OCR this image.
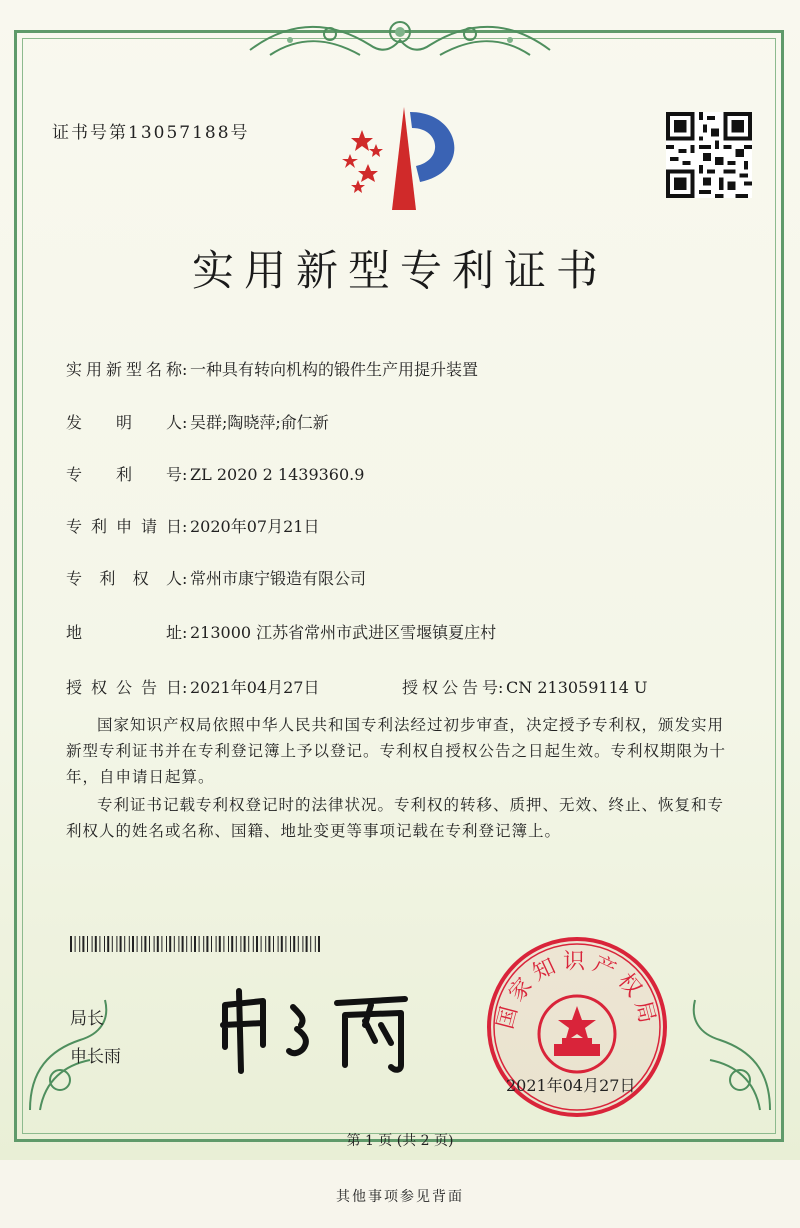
证书号第13057188号
实用新型专利证书
实用新型名称: 一种具有转向机构的锻件生产用提升装置
发 明 人: 吴群;陶晓萍;俞仁新
专 利 号: ZL 2020 2 1439360.9
专利申请日: 2020年07月21日
专 利 权 人: 常州市康宁锻造有限公司
地 址: 213000 江苏省常州市武进区雪堰镇夏庄村
授权公告日: 2021年04月27日	授权公告号: CN 213059114 U

国家知识产权局依照中华人民共和国专利法经过初步审查，决定授予专利权，颁发实用新型专利证书并在专利登记簿上予以登记。专利权自授权公告之日起生效。专利权期限为十年，自申请日起算。

专利证书记载专利权登记时的法律状况。专利权的转移、质押、无效、终止、恢复和专利权人的姓名或名称、国籍、地址变更等事项记载在专利登记簿上。

局长
申长雨
国家知识产权局
2021年04月27日
第 1 页 (共 2 页)
其他事项参见背面
